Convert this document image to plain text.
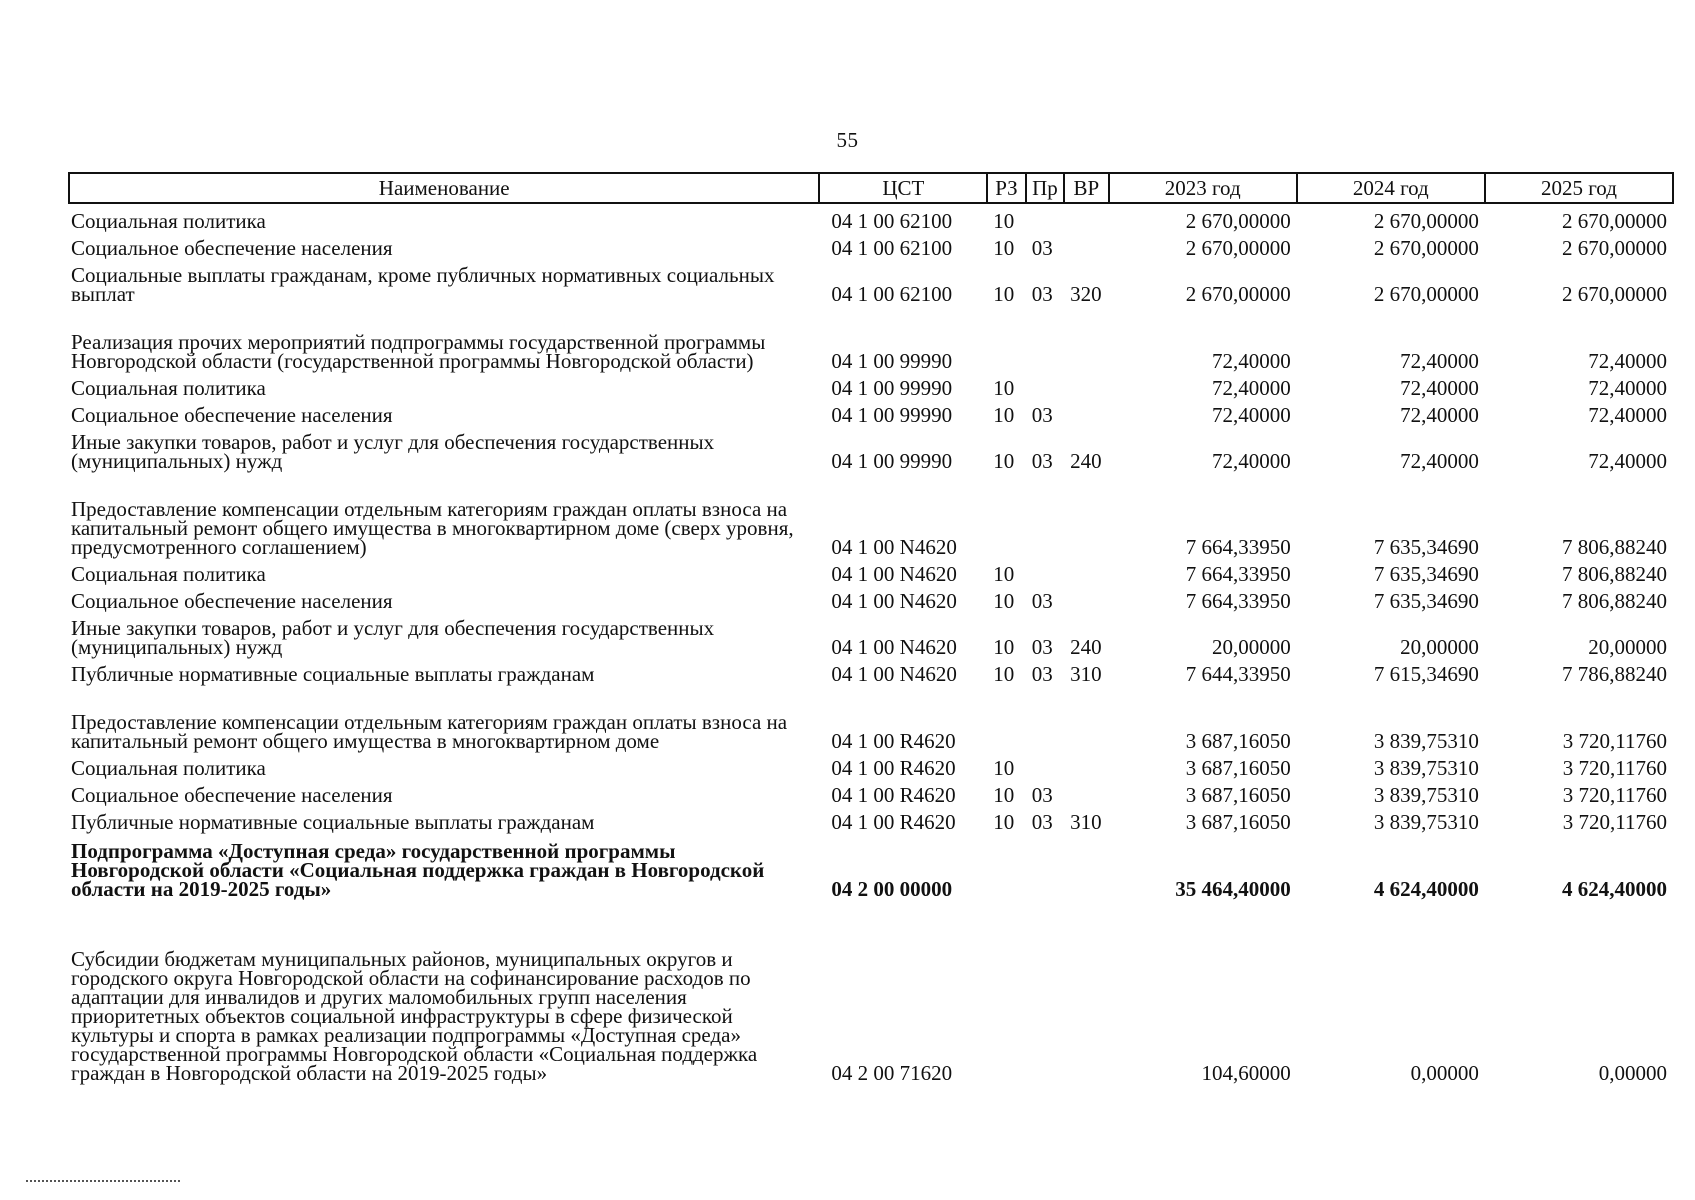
55
Наименование	ЦСТ	РЗ	Пр	ВР	2023 год	2024 год	2025 год
Социальная политика	04 1 00 62100	10			2 670,00000	2 670,00000	2 670,00000
Социальное обеспечение населения	04 1 00 62100	10	03		2 670,00000	2 670,00000	2 670,00000
Социальные выплаты гражданам, кроме публичных нормативных социальных выплат	04 1 00 62100	10	03	320	2 670,00000	2 670,00000	2 670,00000
Реализация прочих мероприятий подпрограммы государственной программы Новгородской области (государственной программы Новгородской области)	04 1 00 99990				72,40000	72,40000	72,40000
Социальная политика	04 1 00 99990	10			72,40000	72,40000	72,40000
Социальное обеспечение населения	04 1 00 99990	10	03		72,40000	72,40000	72,40000
Иные закупки товаров, работ и услуг для обеспечения государственных (муниципальных) нужд	04 1 00 99990	10	03	240	72,40000	72,40000	72,40000
Предоставление компенсации отдельным категориям граждан оплаты взноса на капитальный ремонт общего имущества в многоквартирном доме (сверх уровня, предусмотренного соглашением)	04 1 00 N4620				7 664,33950	7 635,34690	7 806,88240
Социальная политика	04 1 00 N4620	10			7 664,33950	7 635,34690	7 806,88240
Социальное обеспечение населения	04 1 00 N4620	10	03		7 664,33950	7 635,34690	7 806,88240
Иные закупки товаров, работ и услуг для обеспечения государственных (муниципальных) нужд	04 1 00 N4620	10	03	240	20,00000	20,00000	20,00000
Публичные нормативные социальные выплаты гражданам	04 1 00 N4620	10	03	310	7 644,33950	7 615,34690	7 786,88240
Предоставление компенсации отдельным категориям граждан оплаты взноса на капитальный ремонт общего имущества в многоквартирном доме	04 1 00 R4620				3 687,16050	3 839,75310	3 720,11760
Социальная политика	04 1 00 R4620	10			3 687,16050	3 839,75310	3 720,11760
Социальное обеспечение населения	04 1 00 R4620	10	03		3 687,16050	3 839,75310	3 720,11760
Публичные нормативные социальные выплаты гражданам	04 1 00 R4620	10	03	310	3 687,16050	3 839,75310	3 720,11760
Подпрограмма «Доступная среда» государственной программы Новгородской области «Социальная поддержка граждан в Новгородской области на 2019-2025 годы»	04 2 00 00000				35 464,40000	4 624,40000	4 624,40000
Субсидии бюджетам муниципальных районов, муниципальных округов и городского округа Новгородской области на софинансирование расходов по адаптации для инвалидов и других маломобильных групп населения приоритетных объектов социальной инфраструктуры в сфере физической культуры и спорта в рамках реализации подпрограммы «Доступная среда» государственной программы Новгородской области «Социальная поддержка граждан в Новгородской области на 2019-2025 годы»	04 2 00 71620				104,60000	0,00000	0,00000
